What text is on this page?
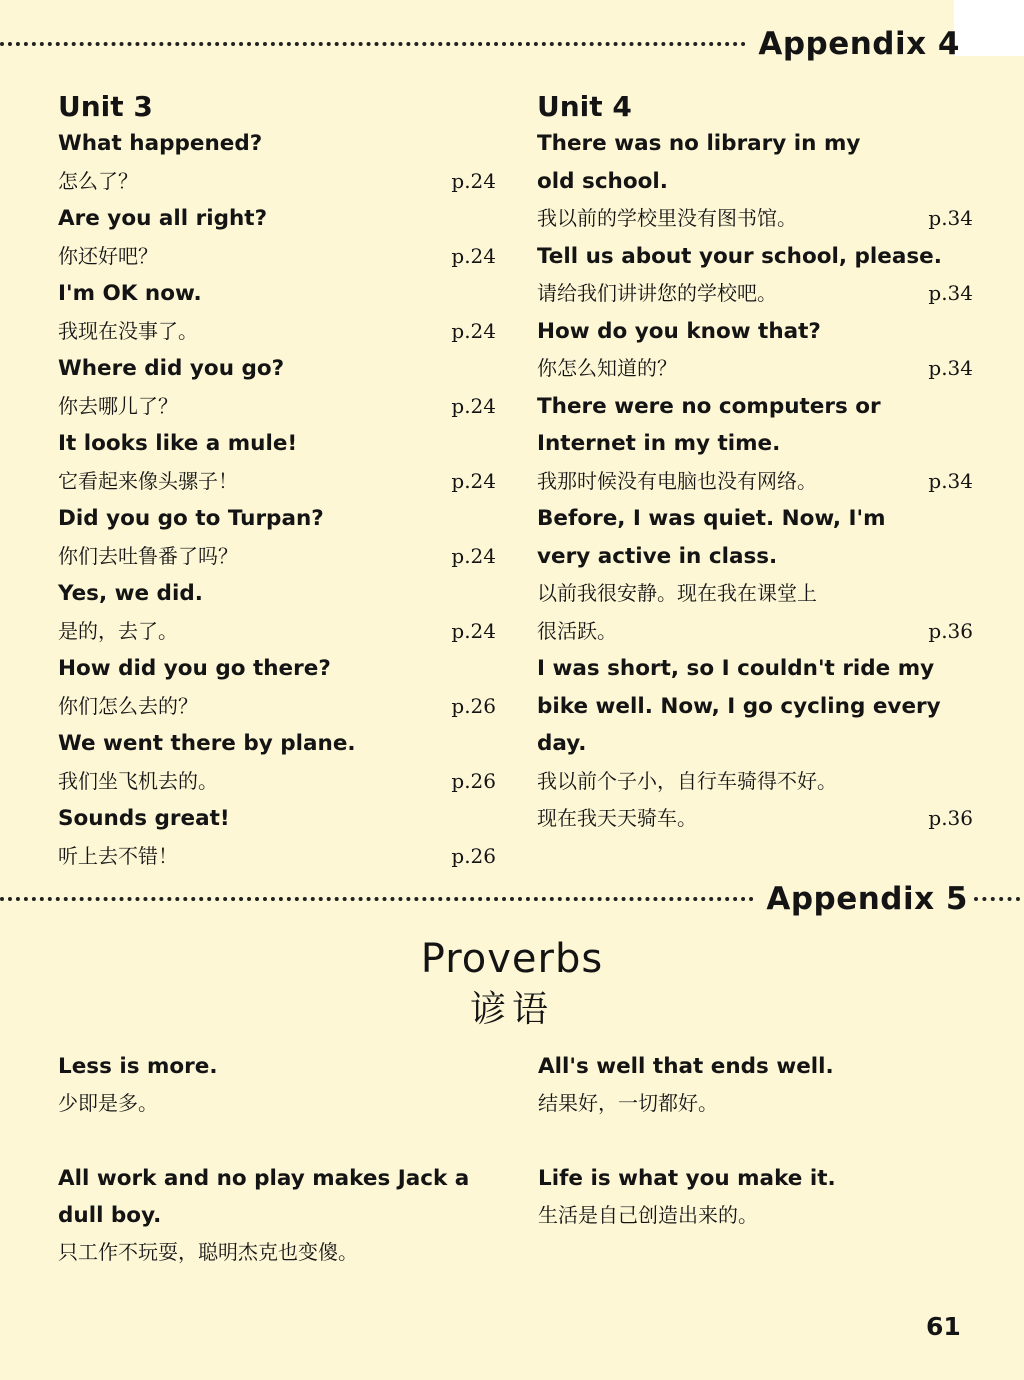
Appendix 4
Unit 3
What happened?
怎么了？	p.24
Are you all right?
你还好吧？	p.24
I'm OK now.
我现在没事了。	p.24
Where did you go?
你去哪儿了？	p.24
It looks like a mule!
它看起来像头骡子！	p.24
Did you go to Turpan?
你们去吐鲁番了吗？	p.24
Yes, we did.
是的，去了。	p.24
How did you go there?
你们怎么去的？	p.26
We went there by plane.
我们坐飞机去的。	p.26
Sounds great!
听上去不错！	p.26
Unit 4
There was no library in my
old school.
我以前的学校里没有图书馆。	p.34
Tell us about your school, please.
请给我们讲讲您的学校吧。	p.34
How do you know that?
你怎么知道的？	p.34
There were no computers or
Internet in my time.
我那时候没有电脑也没有网络。	p.34
Before, I was quiet. Now, I'm
very active in class.
以前我很安静。现在我在课堂上
很活跃。	p.36
I was short, so I couldn't ride my
bike well. Now, I go cycling every
day.
我以前个子小，自行车骑得不好。
现在我天天骑车。	p.36
Appendix 5
Proverbs
谚语
Less is more.
少即是多。
All work and no play makes Jack a
dull boy.
只工作不玩耍，聪明杰克也变傻。
All's well that ends well.
结果好，一切都好。
Life is what you make it.
生活是自己创造出来的。
61
